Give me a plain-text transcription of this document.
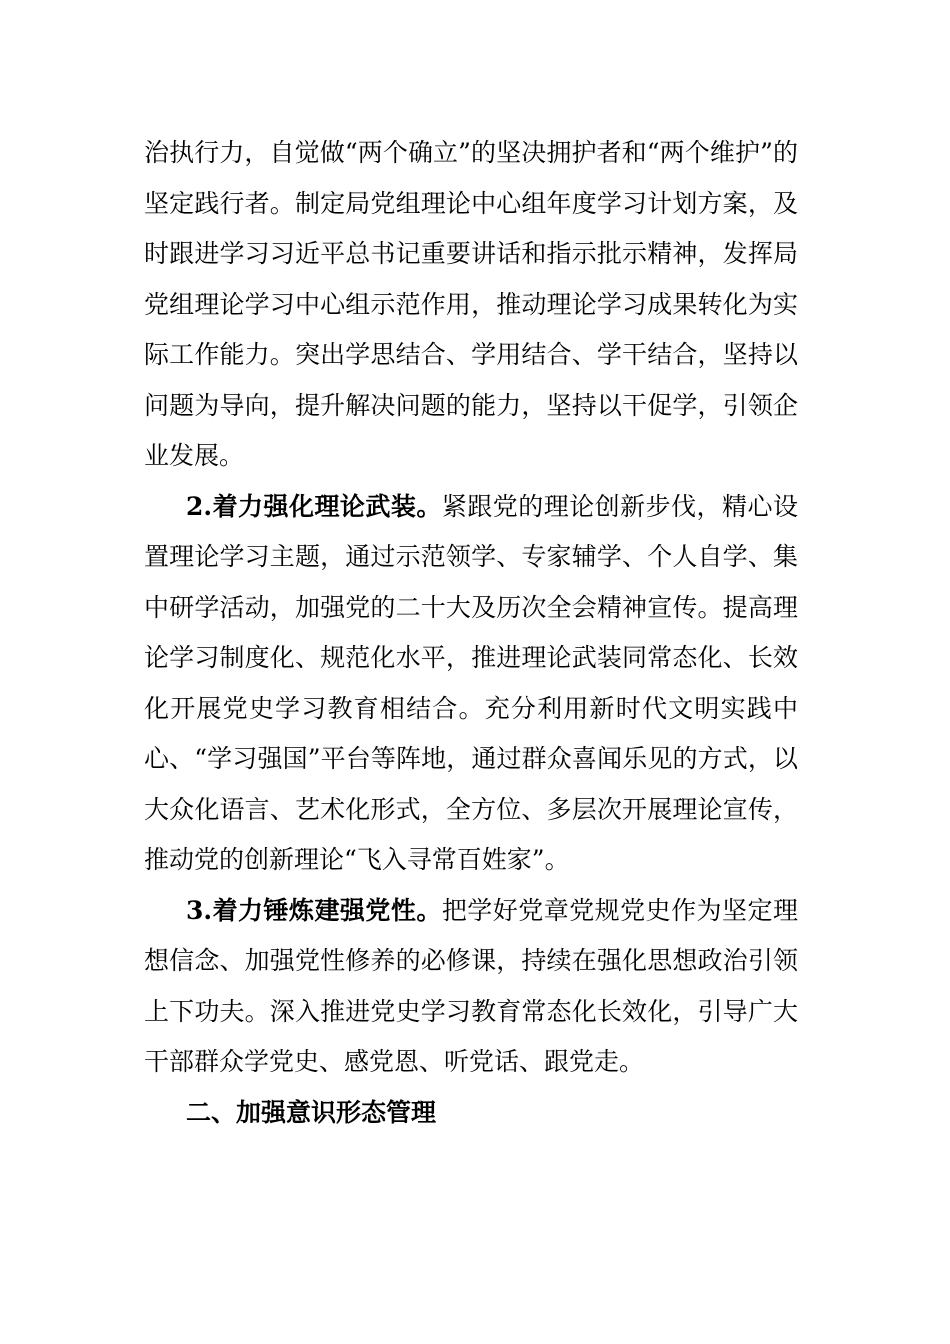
治执行力，自觉做“两个确立”的坚决拥护者和“两个维护”的坚定践行者。制定局党组理论中心组年度学习计划方案，及时跟进学习习近平总书记重要讲话和指示批示精神，发挥局党组理论学习中心组示范作用，推动理论学习成果转化为实际工作能力。突出学思结合、学用结合、学干结合，坚持以问题为导向，提升解决问题的能力，坚持以干促学，引领企业发展。

2.着力强化理论武装。紧跟党的理论创新步伐，精心设置理论学习主题，通过示范领学、专家辅学、个人自学、集中研学活动，加强党的二十大及历次全会精神宣传。提高理论学习制度化、规范化水平，推进理论武装同常态化、长效化开展党史学习教育相结合。充分利用新时代文明实践中心、“学习强国”平台等阵地，通过群众喜闻乐见的方式，以大众化语言、艺术化形式，全方位、多层次开展理论宣传，推动党的创新理论“飞入寻常百姓家”。

3.着力锤炼建强党性。把学好党章党规党史作为坚定理想信念、加强党性修养的必修课，持续在强化思想政治引领上下功夫。深入推进党史学习教育常态化长效化，引导广大干部群众学党史、感党恩、听党话、跟党走。

二、加强意识形态管理
